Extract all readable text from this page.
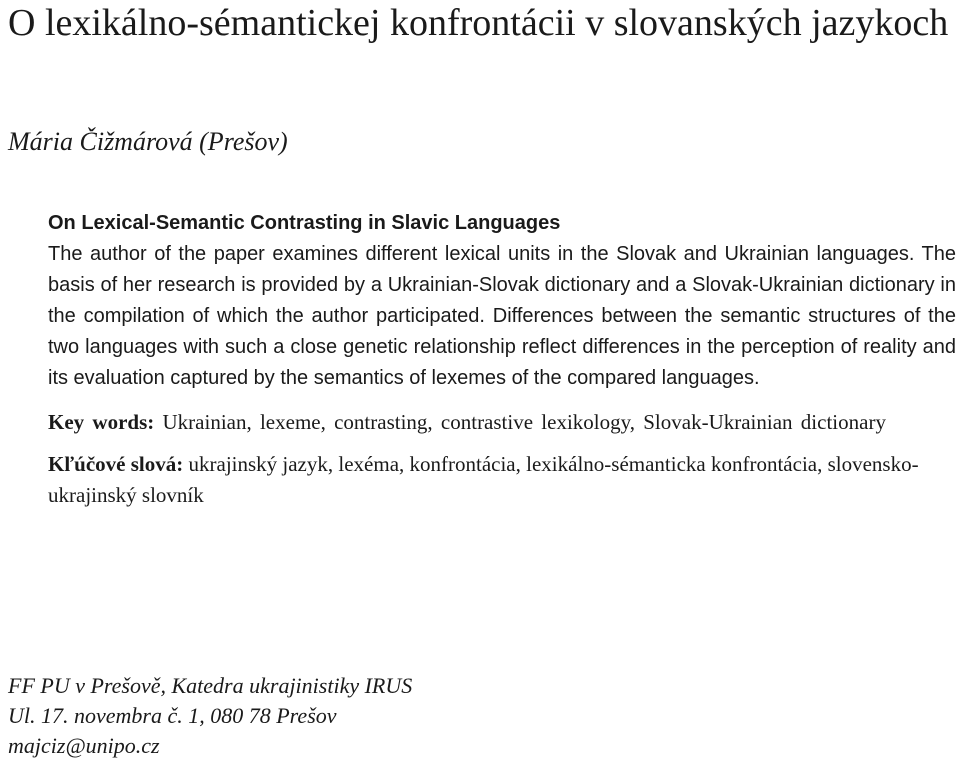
O lexikálno-sémantickej konfrontácii v slovanských jazykoch

Mária Čižmárová (Prešov)

On Lexical-Semantic Contrasting in Slavic Languages

The author of the paper examines different lexical units in the Slovak and Ukrainian languages. The basis of her research is provided by a Ukrainian-Slovak dictionary and a Slovak-Ukrainian dictionary in the compilation of which the author participated. Differences between the semantic structures of the two languages with such a close genetic relationship reflect differences in the perception of reality and its evaluation captured by the semantics of lexemes of the compared languages.

Key words: Ukrainian, lexeme, contrasting, contrastive lexikology, Slovak-Ukrainian dictionary

Kľúčové slová: ukrajinský jazyk, lexéma, konfrontácia, lexikálno-sémanticka konfrontácia, slovensko-ukrajinský slovník

FF PU v Prešově, Katedra ukrajinistiky IRUS
Ul. 17. novembra č. 1, 080 78 Prešov
majciz@unipo.cz
